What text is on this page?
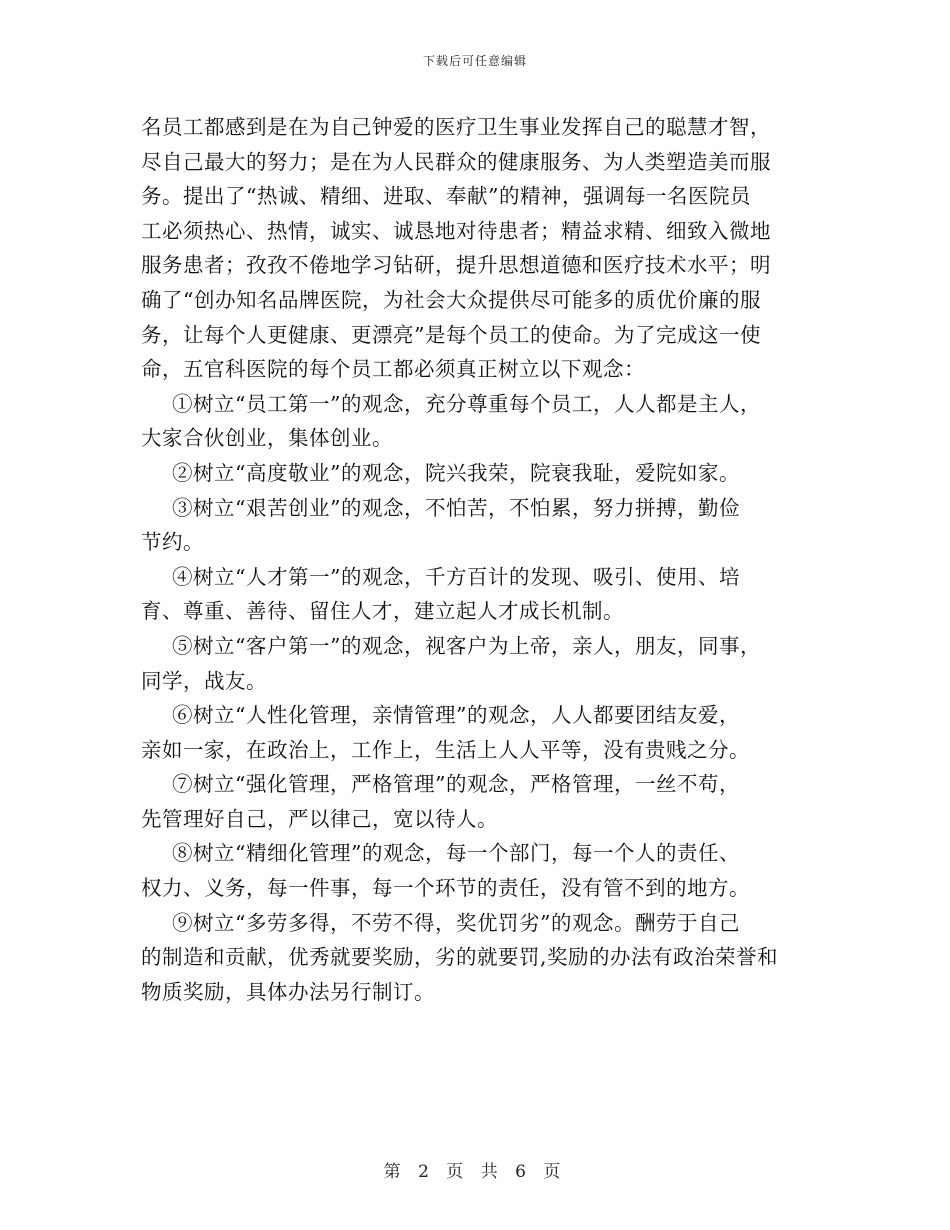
下载后可任意编辑

名员工都感到是在为自己钟爱的医疗卫生事业发挥自己的聪慧才智，

尽自己最大的努力；是在为人民群众的健康服务、为人类塑造美而服

务。提出了“热诚、精细、进取、奉献”的精神，强调每一名医院员

工必须热心、热情，诚实、诚恳地对待患者；精益求精、细致入微地

服务患者；孜孜不倦地学习钻研，提升思想道德和医疗技术水平；明

确了“创办知名品牌医院，为社会大众提供尽可能多的质优价廉的服

务，让每个人更健康、更漂亮”是每个员工的使命。为了完成这一使

命，五官科医院的每个员工都必须真正树立以下观念：

①树立“员工第一”的观念，充分尊重每个员工，人人都是主人，

大家合伙创业，集体创业。

②树立“高度敬业”的观念，院兴我荣，院衰我耻，爱院如家。

③树立“艰苦创业”的观念，不怕苦，不怕累，努力拼搏，勤俭

节约。

④树立“人才第一”的观念，千方百计的发现、吸引、使用、培

育、尊重、善待、留住人才，建立起人才成长机制。

⑤树立“客户第一”的观念，视客户为上帝，亲人，朋友，同事，

同学，战友。

⑥树立“人性化管理，亲情管理”的观念，人人都要团结友爱，

亲如一家，在政治上，工作上，生活上人人平等，没有贵贱之分。

⑦树立“强化管理，严格管理”的观念，严格管理，一丝不苟，

先管理好自己，严以律己，宽以待人。

⑧树立“精细化管理”的观念，每一个部门，每一个人的责任、

权力、义务，每一件事，每一个环节的责任，没有管不到的地方。

⑨树立“多劳多得，不劳不得，奖优罚劣”的观念。酬劳于自己

的制造和贡献，优秀就要奖励，劣的就要罚,奖励的办法有政治荣誉和

物质奖励，具体办法另行制订。

第 2 页 共 6 页
